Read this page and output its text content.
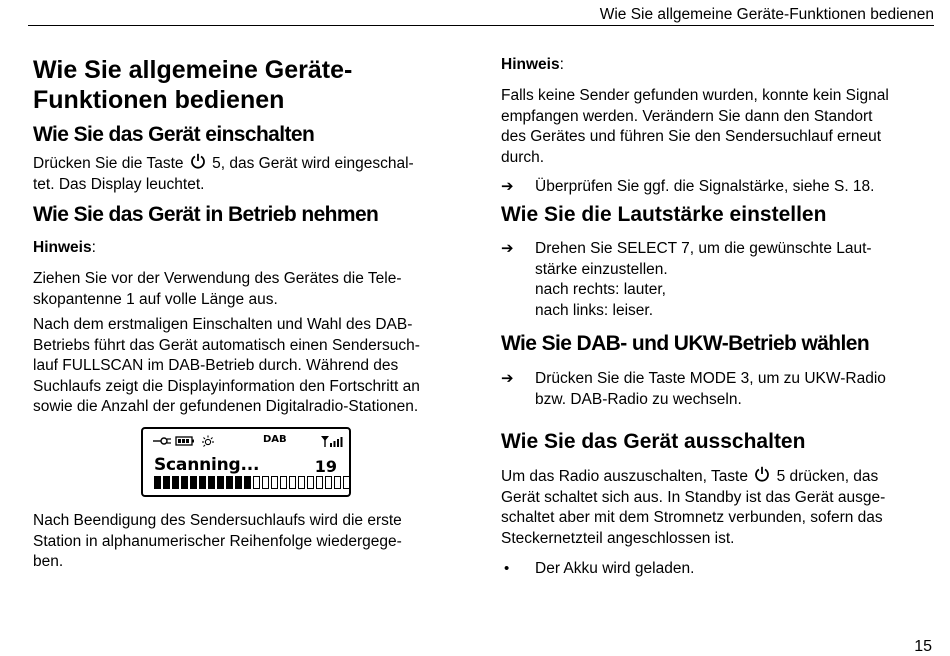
Wie Sie allgemeine Geräte-Funktionen bedienen
Wie Sie allgemeine Geräte-
Funktionen bedienen
Wie Sie das Gerät einschalten
Drücken Sie die Taste 5, das Gerät wird eingeschal-
tet. Das Display leuchtet.
Wie Sie das Gerät in Betrieb nehmen
Hinweis:
Ziehen Sie vor der Verwendung des Gerätes die Tele-
skopantenne 1 auf volle Länge aus.
Nach dem erstmaligen Einschalten und Wahl des DAB-
Betriebs führt das Gerät automatisch einen Sendersuch-
lauf FULLSCAN im DAB-Betrieb durch. Während des
Suchlaufs zeigt die Displayinformation den Fortschritt an
sowie die Anzahl der gefundenen Digitalradio-Stationen.
DAB
Scanning...	19
Nach Beendigung des Sendersuchlaufs wird die erste
Station in alphanumerischer Reihenfolge wiedergege-
ben.
Hinweis:
Falls keine Sender gefunden wurden, konnte kein Signal
empfangen werden. Verändern Sie dann den Standort
des Gerätes und führen Sie den Sendersuchlauf erneut
durch.
➔	Überprüfen Sie ggf. die Signalstärke, siehe S. 18.
Wie Sie die Lautstärke einstellen
➔	Drehen Sie SELECT 7, um die gewünschte Laut-
stärke einzustellen.
nach rechts: lauter,
nach links: leiser.
Wie Sie DAB- und UKW-Betrieb wählen
➔	Drücken Sie die Taste MODE 3, um zu UKW-Radio
bzw. DAB-Radio zu wechseln.
Wie Sie das Gerät ausschalten
Um das Radio auszuschalten, Taste 5 drücken, das
Gerät schaltet sich aus. In Standby ist das Gerät ausge-
schaltet aber mit dem Stromnetz verbunden, sofern das
Steckernetzteil angeschlossen ist.
•	Der Akku wird geladen.
15
